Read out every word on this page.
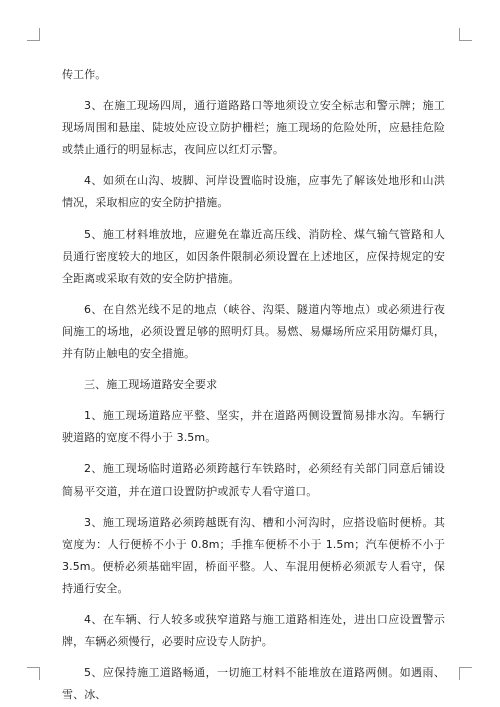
传工作。

3、在施工现场四周，通行道路路口等地须设立安全标志和警示牌；施工现场周围和悬崖、陡坡处应设立防护栅栏；施工现场的危险处所，应悬挂危险或禁止通行的明显标志，夜间应以红灯示警。

4、如须在山沟、坡脚、河岸设置临时设施，应事先了解该处地形和山洪情况，采取相应的安全防护措施。

5、施工材料堆放地，应避免在靠近高压线、消防栓、煤气输气管路和人员通行密度较大的地区，如因条件限制必须设置在上述地区，应保持规定的安全距离或采取有效的安全防护措施。

6、在自然光线不足的地点（峡谷、沟渠、隧道内等地点）或必须进行夜间施工的场地，必须设置足够的照明灯具。易燃、易爆场所应采用防爆灯具，并有防止触电的安全措施。

三、施工现场道路安全要求

1、施工现场道路应平整、坚实，并在道路两侧设置简易排水沟。车辆行驶道路的宽度不得小于 3.5m。

2、施工现场临时道路必须跨越行车铁路时，必须经有关部门同意后铺设简易平交道，并在道口设置防护或派专人看守道口。

3、施工现场道路必须跨越既有沟、槽和小河沟时，应搭设临时便桥。其宽度为：人行便桥不小于 0.8m；手推车便桥不小于 1.5m；汽车便桥不小于 3.5m。便桥必须基础牢固，桥面平整。人、车混用便桥必须派专人看守，保持通行安全。

4、在车辆、行人较多或狭窄道路与施工道路相连处，进出口应设置警示牌，车辆必须慢行，必要时应设专人防护。

5、应保持施工道路畅通，一切施工材料不能堆放在道路两侧。如遇雨、雪、冰、
